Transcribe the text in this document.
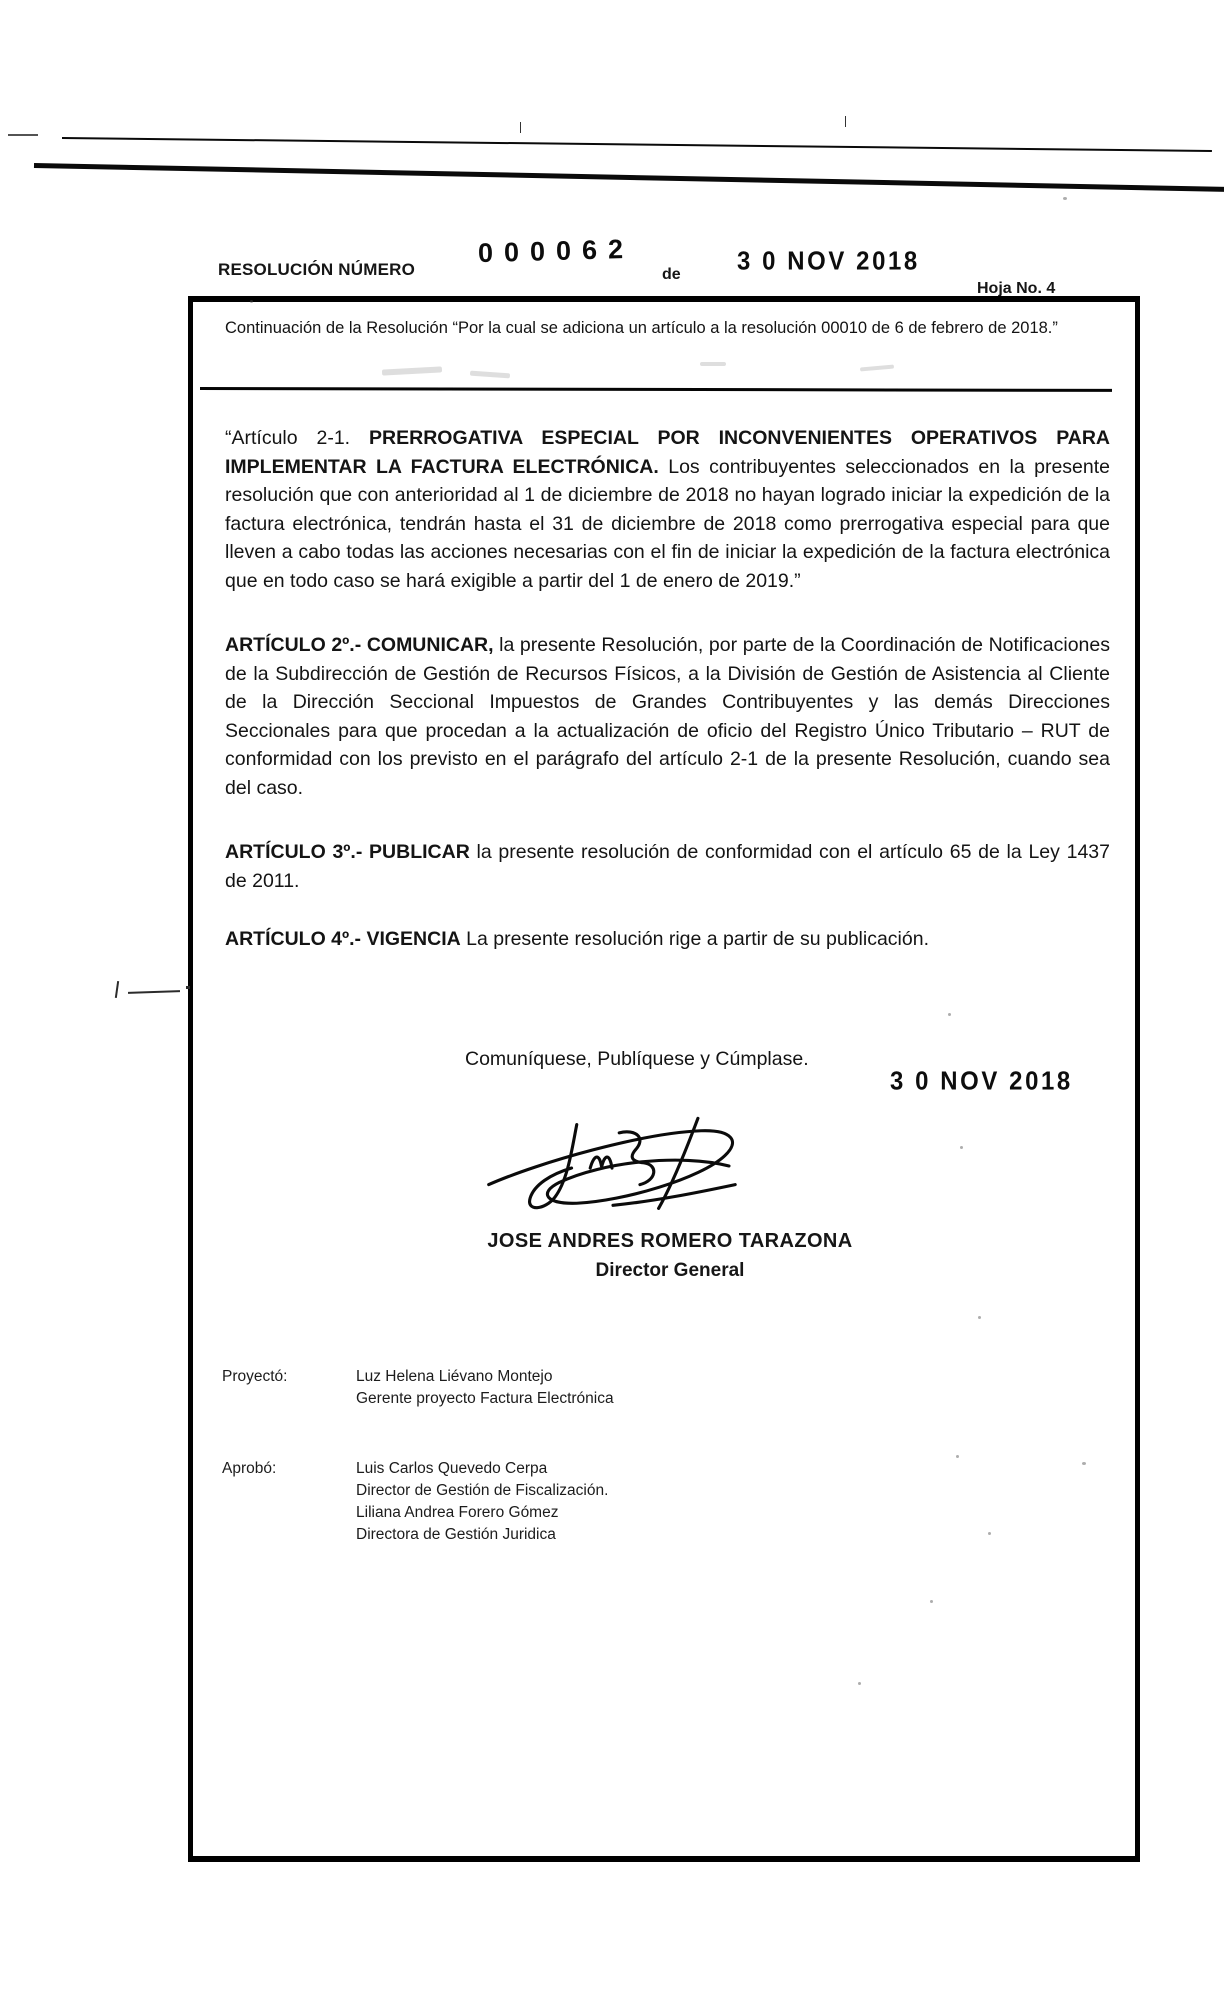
RESOLUCIÓN NÚMERO
000062
de 3 0 NOV 2018
Hoja No. 4
Continuación de la Resolución “Por la cual se adiciona un artículo a la resolución 00010 de 6 de febrero de 2018.”

“Artículo 2-1. PRERROGATIVA ESPECIAL POR INCONVENIENTES OPERATIVOS PARA IMPLEMENTAR LA FACTURA ELECTRÓNICA. Los contribuyentes seleccionados en la presente resolución que con anterioridad al 1 de diciembre de 2018 no hayan logrado iniciar la expedición de la factura electrónica, tendrán hasta el 31 de diciembre de 2018 como prerrogativa especial para que lleven a cabo todas las acciones necesarias con el fin de iniciar la expedición de la factura electrónica que en todo caso se hará exigible a partir del 1 de enero de 2019.”

ARTÍCULO 2º.- COMUNICAR, la presente Resolución, por parte de la Coordinación de Notificaciones de la Subdirección de Gestión de Recursos Físicos, a la División de Gestión de Asistencia al Cliente de la Dirección Seccional Impuestos de Grandes Contribuyentes y las demás Direcciones Seccionales para que procedan a la actualización de oficio del Registro Único Tributario – RUT de conformidad con los previsto en el parágrafo del artículo 2-1 de la presente Resolución, cuando sea del caso.

ARTÍCULO 3º.- PUBLICAR la presente resolución de conformidad con el artículo 65 de la Ley 1437 de 2011.

ARTÍCULO 4º.- VIGENCIA La presente resolución rige a partir de su publicación.

Comuníquese, Publíquese y Cúmplase.
3 0 NOV 2018
JOSE ANDRES ROMERO TARAZONA
Director General
Proyectó:	Luz Helena Liévano Montejo
Gerente proyecto Factura Electrónica
Aprobó:	Luis Carlos Quevedo Cerpa
Director de Gestión de Fiscalización.
Liliana Andrea Forero Gómez
Directora de Gestión Juridica
